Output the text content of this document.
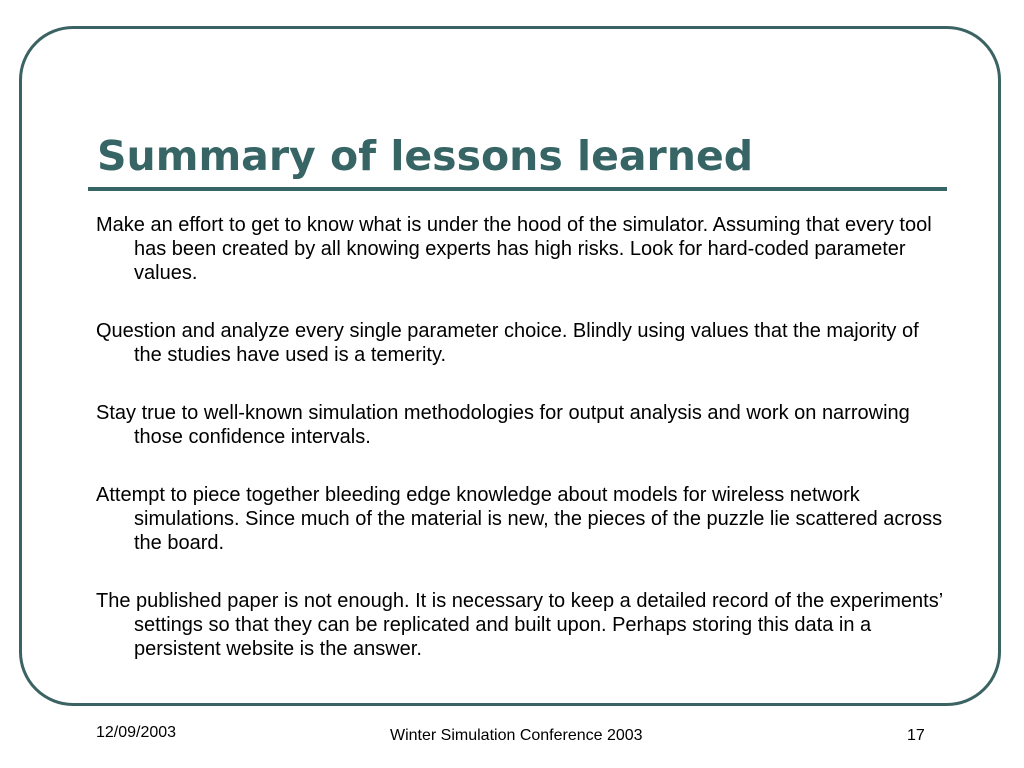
Summary of lessons learned
Make an effort to get to know what is under the hood of the simulator. Assuming that every tool has been created by all knowing experts has high risks. Look for hard-coded parameter values.
Question and analyze every single parameter choice. Blindly using values that the majority of the studies have used is a temerity.
Stay true to well-known simulation methodologies for output analysis and work on narrowing those confidence intervals.
Attempt to piece together bleeding edge knowledge about models for wireless network simulations. Since much of the material is new, the pieces of the puzzle lie scattered across the board.
The published paper is not enough. It is necessary to keep a detailed record of the experiments’ settings so that they can be replicated and built upon. Perhaps storing this data in a persistent website is the answer.
12/09/2003	Winter Simulation Conference 2003	17
